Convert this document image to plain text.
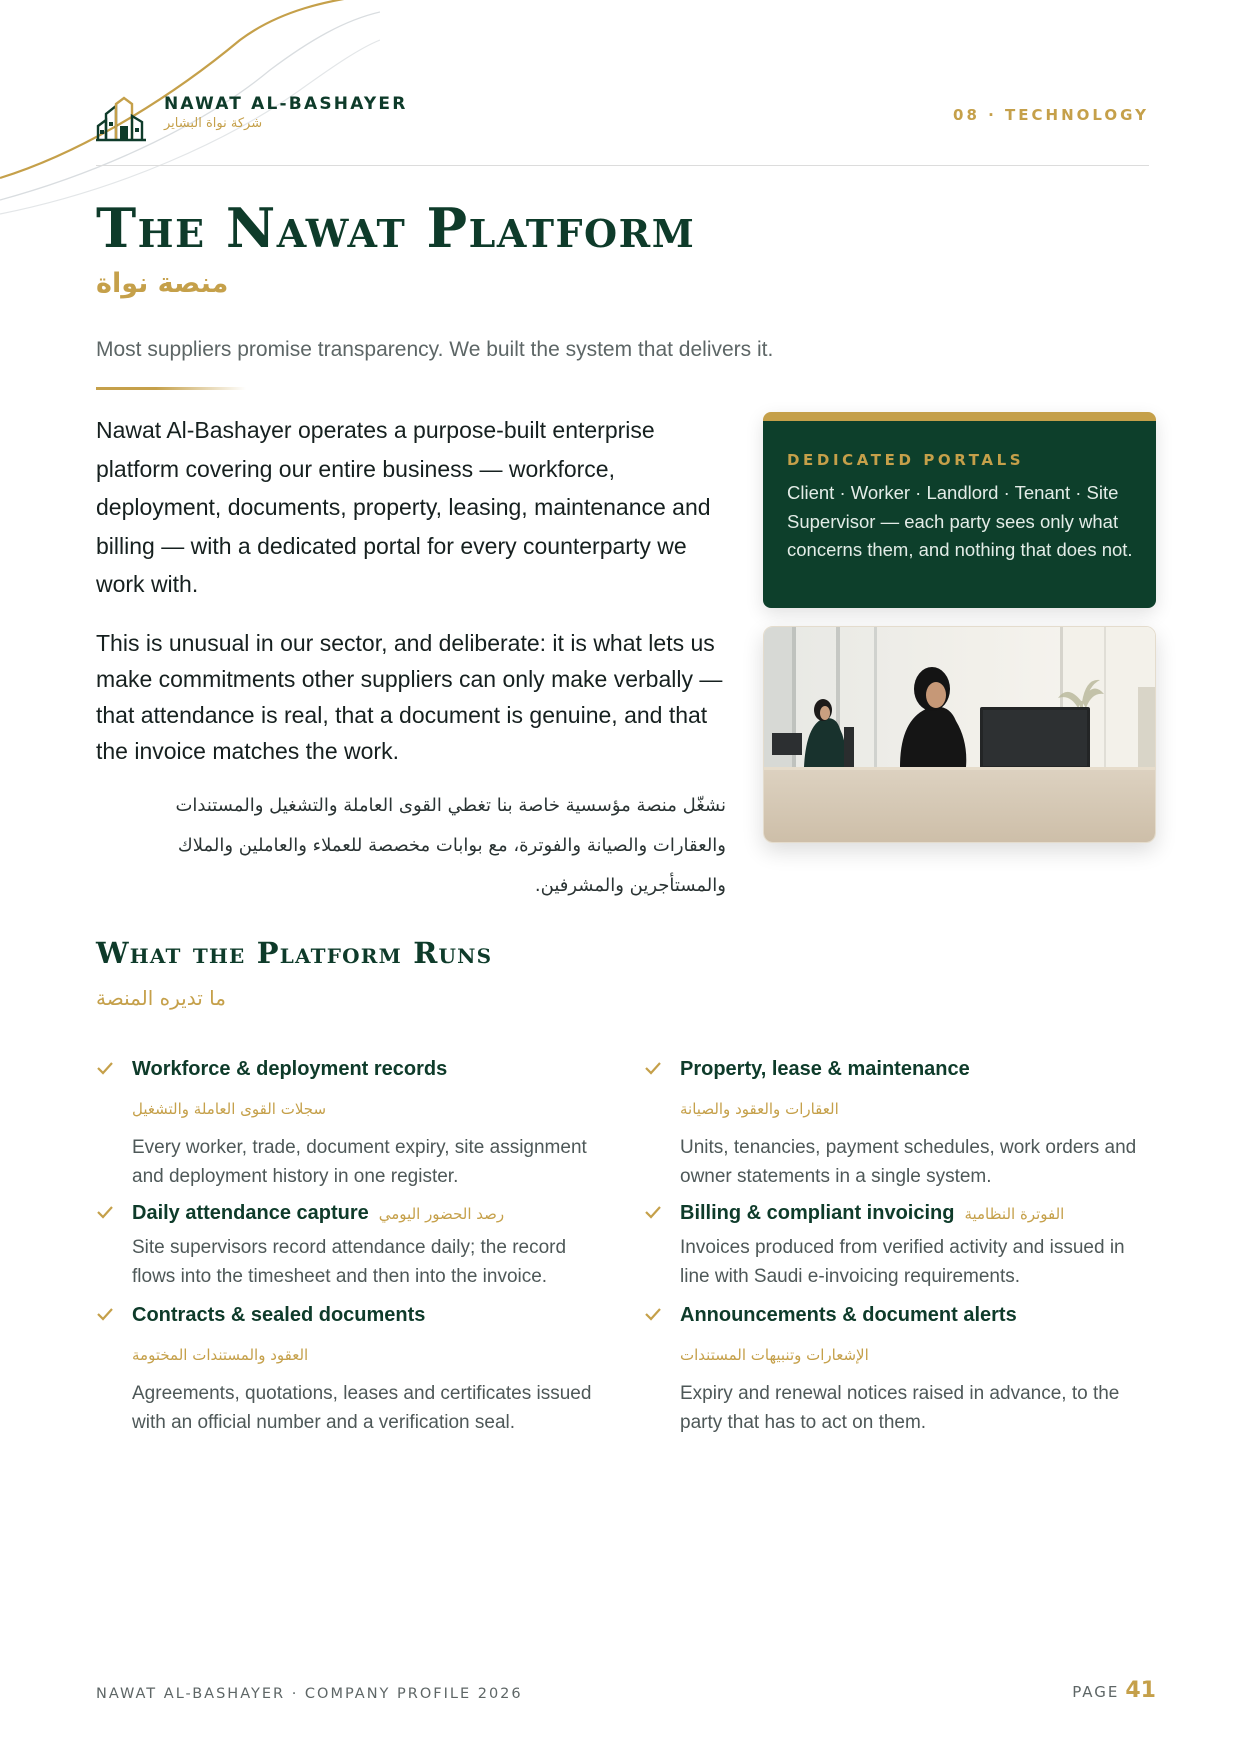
NAWAT AL-BASHAYER
شركة نواة البشاير	08 · TECHNOLOGY
The Nawat Platform
منصة نواة
Most suppliers promise transparency. We built the system that delivers it.

Nawat Al-Bashayer operates a purpose-built enterprise platform covering our entire business — workforce, deployment, documents, property, leasing, maintenance and billing — with a dedicated portal for every counterparty we work with.

This is unusual in our sector, and deliberate: it is what lets us make commitments other suppliers can only make verbally — that attendance is real, that a document is genuine, and that the invoice matches the work.

نشغّل منصة مؤسسية خاصة بنا تغطي القوى العاملة والتشغيل والمستندات والعقارات والصيانة والفوترة، مع بوابات مخصصة للعملاء والعاملين والملاك والمستأجرين والمشرفين.

DEDICATED PORTALS
Client · Worker · Landlord · Tenant · Site Supervisor — each party sees only what concerns them, and nothing that does not.
What the Platform Runs
ما تديره المنصة
Workforce & deployment records
سجلات القوى العاملة والتشغيل
Every worker, trade, document expiry, site assignment and deployment history in one register.
Property, lease & maintenance
العقارات والعقود والصيانة
Units, tenancies, payment schedules, work orders and owner statements in a single system.
Daily attendance capture رصد الحضور اليومي
Site supervisors record attendance daily; the record flows into the timesheet and then into the invoice.
Billing & compliant invoicing الفوترة النظامية
Invoices produced from verified activity and issued in line with Saudi e-invoicing requirements.
Contracts & sealed documents
العقود والمستندات المختومة
Agreements, quotations, leases and certificates issued with an official number and a verification seal.
Announcements & document alerts
الإشعارات وتنبيهات المستندات
Expiry and renewal notices raised in advance, to the party that has to act on them.
NAWAT AL-BASHAYER · COMPANY PROFILE 2026	PAGE 41
